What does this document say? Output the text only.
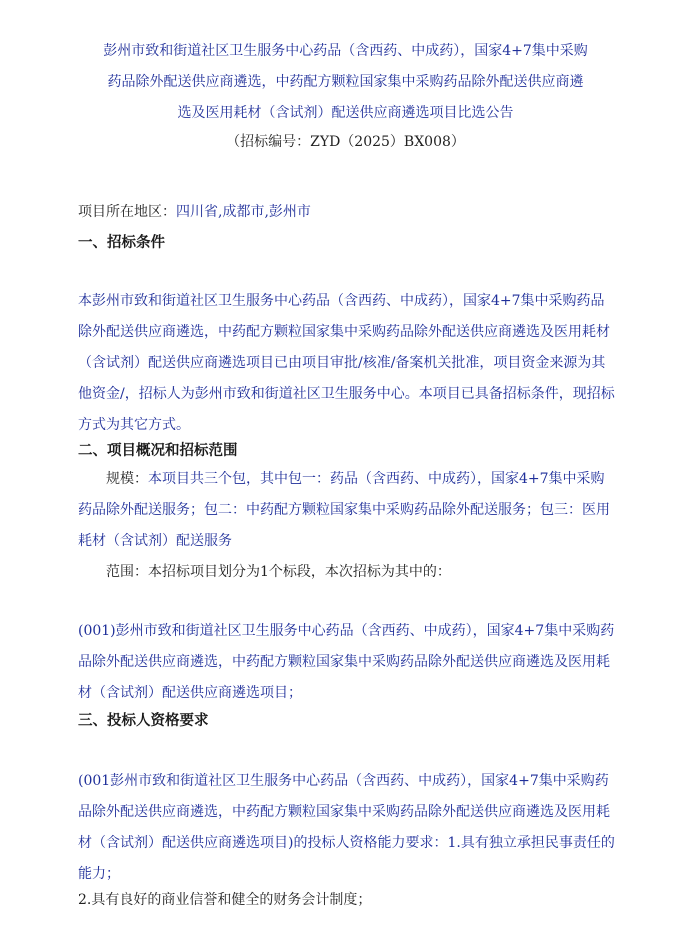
彭州市致和街道社区卫生服务中心药品（含西药、中成药），国家4+7集中采购
药品除外配送供应商遴选，中药配方颗粒国家集中采购药品除外配送供应商遴
选及医用耗材（含试剂）配送供应商遴选项目比选公告
（招标编号：ZYD（2025）BX008）
项目所在地区：四川省,成都市,彭州市
一、招标条件
本彭州市致和街道社区卫生服务中心药品（含西药、中成药），国家4+7集中采购药品除外配送供应商遴选，中药配方颗粒国家集中采购药品除外配送供应商遴选及医用耗材（含试剂）配送供应商遴选项目已由项目审批/核准/备案机关批准，项目资金来源为其他资金/，招标人为彭州市致和街道社区卫生服务中心。本项目已具备招标条件，现招标方式为其它方式。
二、项目概况和招标范围
规模：本项目共三个包，其中包一：药品（含西药、中成药），国家4+7集中采购药品除外配送服务；包二：中药配方颗粒国家集中采购药品除外配送服务；包三：医用耗材（含试剂）配送服务
范围：本招标项目划分为1个标段，本次招标为其中的：
(001)彭州市致和街道社区卫生服务中心药品（含西药、中成药），国家4+7集中采购药品除外配送供应商遴选，中药配方颗粒国家集中采购药品除外配送供应商遴选及医用耗材（含试剂）配送供应商遴选项目；
三、投标人资格要求
(001彭州市致和街道社区卫生服务中心药品（含西药、中成药），国家4+7集中采购药品除外配送供应商遴选，中药配方颗粒国家集中采购药品除外配送供应商遴选及医用耗材（含试剂）配送供应商遴选项目)的投标人资格能力要求：1.具有独立承担民事责任的能力；
2.具有良好的商业信誉和健全的财务会计制度；
